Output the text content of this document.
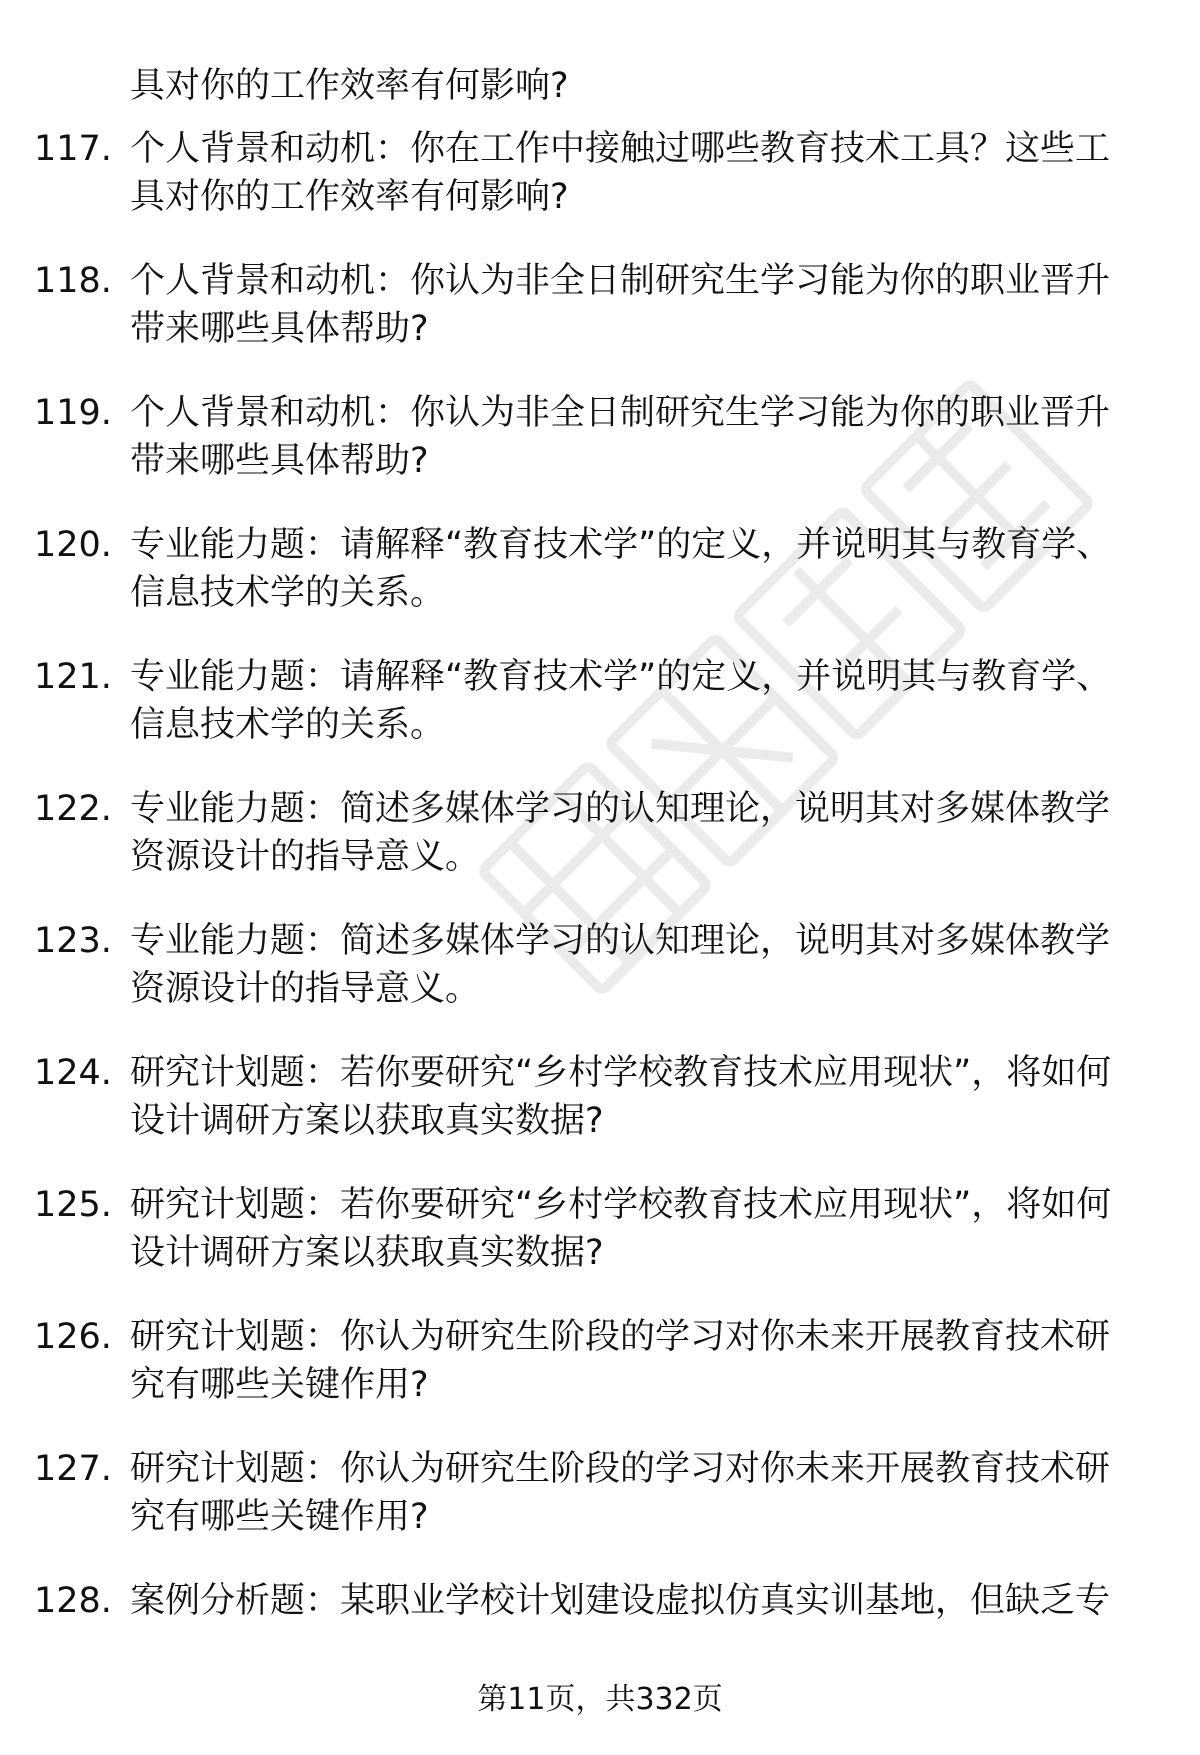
具对你的工作效率有何影响?

117. 个人背景和动机：你在工作中接触过哪些教育技术工具？这些工具对你的工作效率有何影响?
118. 个人背景和动机：你认为非全日制研究生学习能为你的职业晋升带来哪些具体帮助?
119. 个人背景和动机：你认为非全日制研究生学习能为你的职业晋升带来哪些具体帮助?
120. 专业能力题：请解释“教育技术学”的定义，并说明其与教育学、信息技术学的关系。
121. 专业能力题：请解释“教育技术学”的定义，并说明其与教育学、信息技术学的关系。
122. 专业能力题：简述多媒体学习的认知理论，说明其对多媒体教学资源设计的指导意义。
123. 专业能力题：简述多媒体学习的认知理论，说明其对多媒体教学资源设计的指导意义。
124. 研究计划题：若你要研究“乡村学校教育技术应用现状”，将如何设计调研方案以获取真实数据?
125. 研究计划题：若你要研究“乡村学校教育技术应用现状”，将如何设计调研方案以获取真实数据?
126. 研究计划题：你认为研究生阶段的学习对你未来开展教育技术研究有哪些关键作用?
127. 研究计划题：你认为研究生阶段的学习对你未来开展教育技术研究有哪些关键作用?
128. 案例分析题：某职业学校计划建设虚拟仿真实训基地，但缺乏专
第11页，共332页
